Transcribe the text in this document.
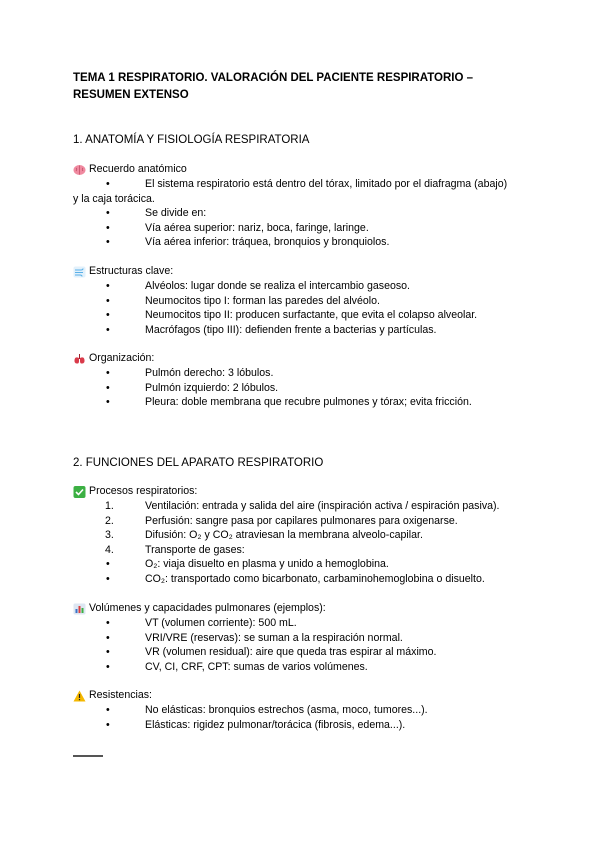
TEMA 1 RESPIRATORIO. VALORACIÓN DEL PACIENTE RESPIRATORIO –
RESUMEN EXTENSO
1. ANATOMÍA Y FISIOLOGÍA RESPIRATORIA
Recuerdo anatómico
•	El sistema respiratorio está dentro del tórax, limitado por el diafragma (abajo)
y la caja torácica.
•	Se divide en:
•	Vía aérea superior: nariz, boca, faringe, laringe.
•	Vía aérea inferior: tráquea, bronquios y bronquiolos.
Estructuras clave:
•	Alvéolos: lugar donde se realiza el intercambio gaseoso.
•	Neumocitos tipo I: forman las paredes del alvéolo.
•	Neumocitos tipo II: producen surfactante, que evita el colapso alveolar.
•	Macrófagos (tipo III): defienden frente a bacterias y partículas.
Organización:
•	Pulmón derecho: 3 lóbulos.
•	Pulmón izquierdo: 2 lóbulos.
•	Pleura: doble membrana que recubre pulmones y tórax; evita fricción.
2. FUNCIONES DEL APARATO RESPIRATORIO
Procesos respiratorios:
1.	Ventilación: entrada y salida del aire (inspiración activa / espiración pasiva).
2.	Perfusión: sangre pasa por capilares pulmonares para oxigenarse.
3.	Difusión: O₂ y CO₂ atraviesan la membrana alveolo-capilar.
4.	Transporte de gases:
•	O₂: viaja disuelto en plasma y unido a hemoglobina.
•	CO₂: transportado como bicarbonato, carbaminohemoglobina o disuelto.
Volúmenes y capacidades pulmonares (ejemplos):
•	VT (volumen corriente): 500 mL.
•	VRI/VRE (reservas): se suman a la respiración normal.
•	VR (volumen residual): aire que queda tras espirar al máximo.
•	CV, CI, CRF, CPT: sumas de varios volúmenes.
Resistencias:
•	No elásticas: bronquios estrechos (asma, moco, tumores...).
•	Elásticas: rigidez pulmonar/torácica (fibrosis, edema...).
